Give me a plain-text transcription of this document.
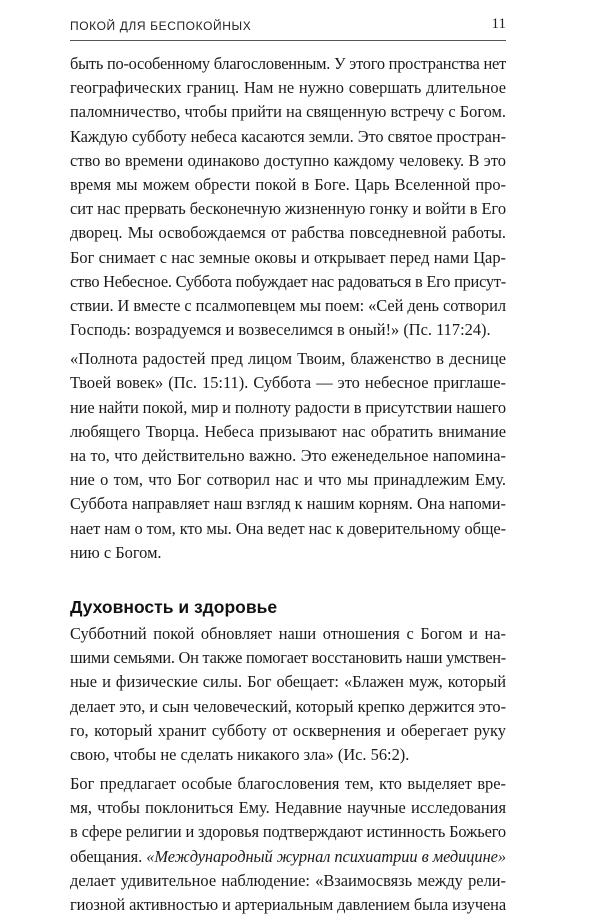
ПОКОЙ ДЛЯ БЕСПОКОЙНЫХ	11

быть по-особенному благословенным. У этого пространства нет
географических границ. Нам не нужно совершать длительное
паломничество, чтобы прийти на священную встречу с Богом.
Каждую субботу небеса касаются земли. Это святое простран-
ство во времени одинаково доступно каждому человеку. В это
время мы можем обрести покой в Боге. Царь Вселенной про-
сит нас прервать бесконечную жизненную гонку и войти в Его
дворец. Мы освобождаемся от рабства повседневной работы.
Бог снимает с нас земные оковы и открывает перед нами Цар-
ство Небесное. Суббота побуждает нас радоваться в Его присут-
ствии. И вместе с псалмопевцем мы поем: «Сей день сотворил
Господь: возрадуемся и возвеселимся в оный!» (Пс. 117:24).

«Полнота радостей пред лицом Твоим, блаженство в деснице
Твоей вовек» (Пс. 15:11). Суббота — это небесное приглаше-
ние найти покой, мир и полноту радости в присутствии нашего
любящего Творца. Небеса призывают нас обратить внимание
на то, что действительно важно. Это еженедельное напомина-
ние о том, что Бог сотворил нас и что мы принадлежим Ему.
Суббота направляет наш взгляд к нашим корням. Она напоми-
нает нам о том, кто мы. Она ведет нас к доверительному обще-
нию с Богом.

Духовность и здоровье

Субботний покой обновляет наши отношения с Богом и на-
шими семьями. Он также помогает восстановить наши умствен-
ные и физические силы. Бог обещает: «Блажен муж, который
делает это, и сын человеческий, который крепко держится это-
го, который хранит субботу от осквернения и оберегает руку
свою, чтобы не сделать никакого зла» (Ис. 56:2).

Бог предлагает особые благословения тем, кто выделяет вре-
мя, чтобы поклониться Ему. Недавние научные исследования
в сфере религии и здоровья подтверждают истинность Божьего
обещания. «Международный журнал психиатрии в медицине»
делает удивительное наблюдение: «Взаимосвязь между рели-
гиозной активностью и артериальным давлением была изучена
